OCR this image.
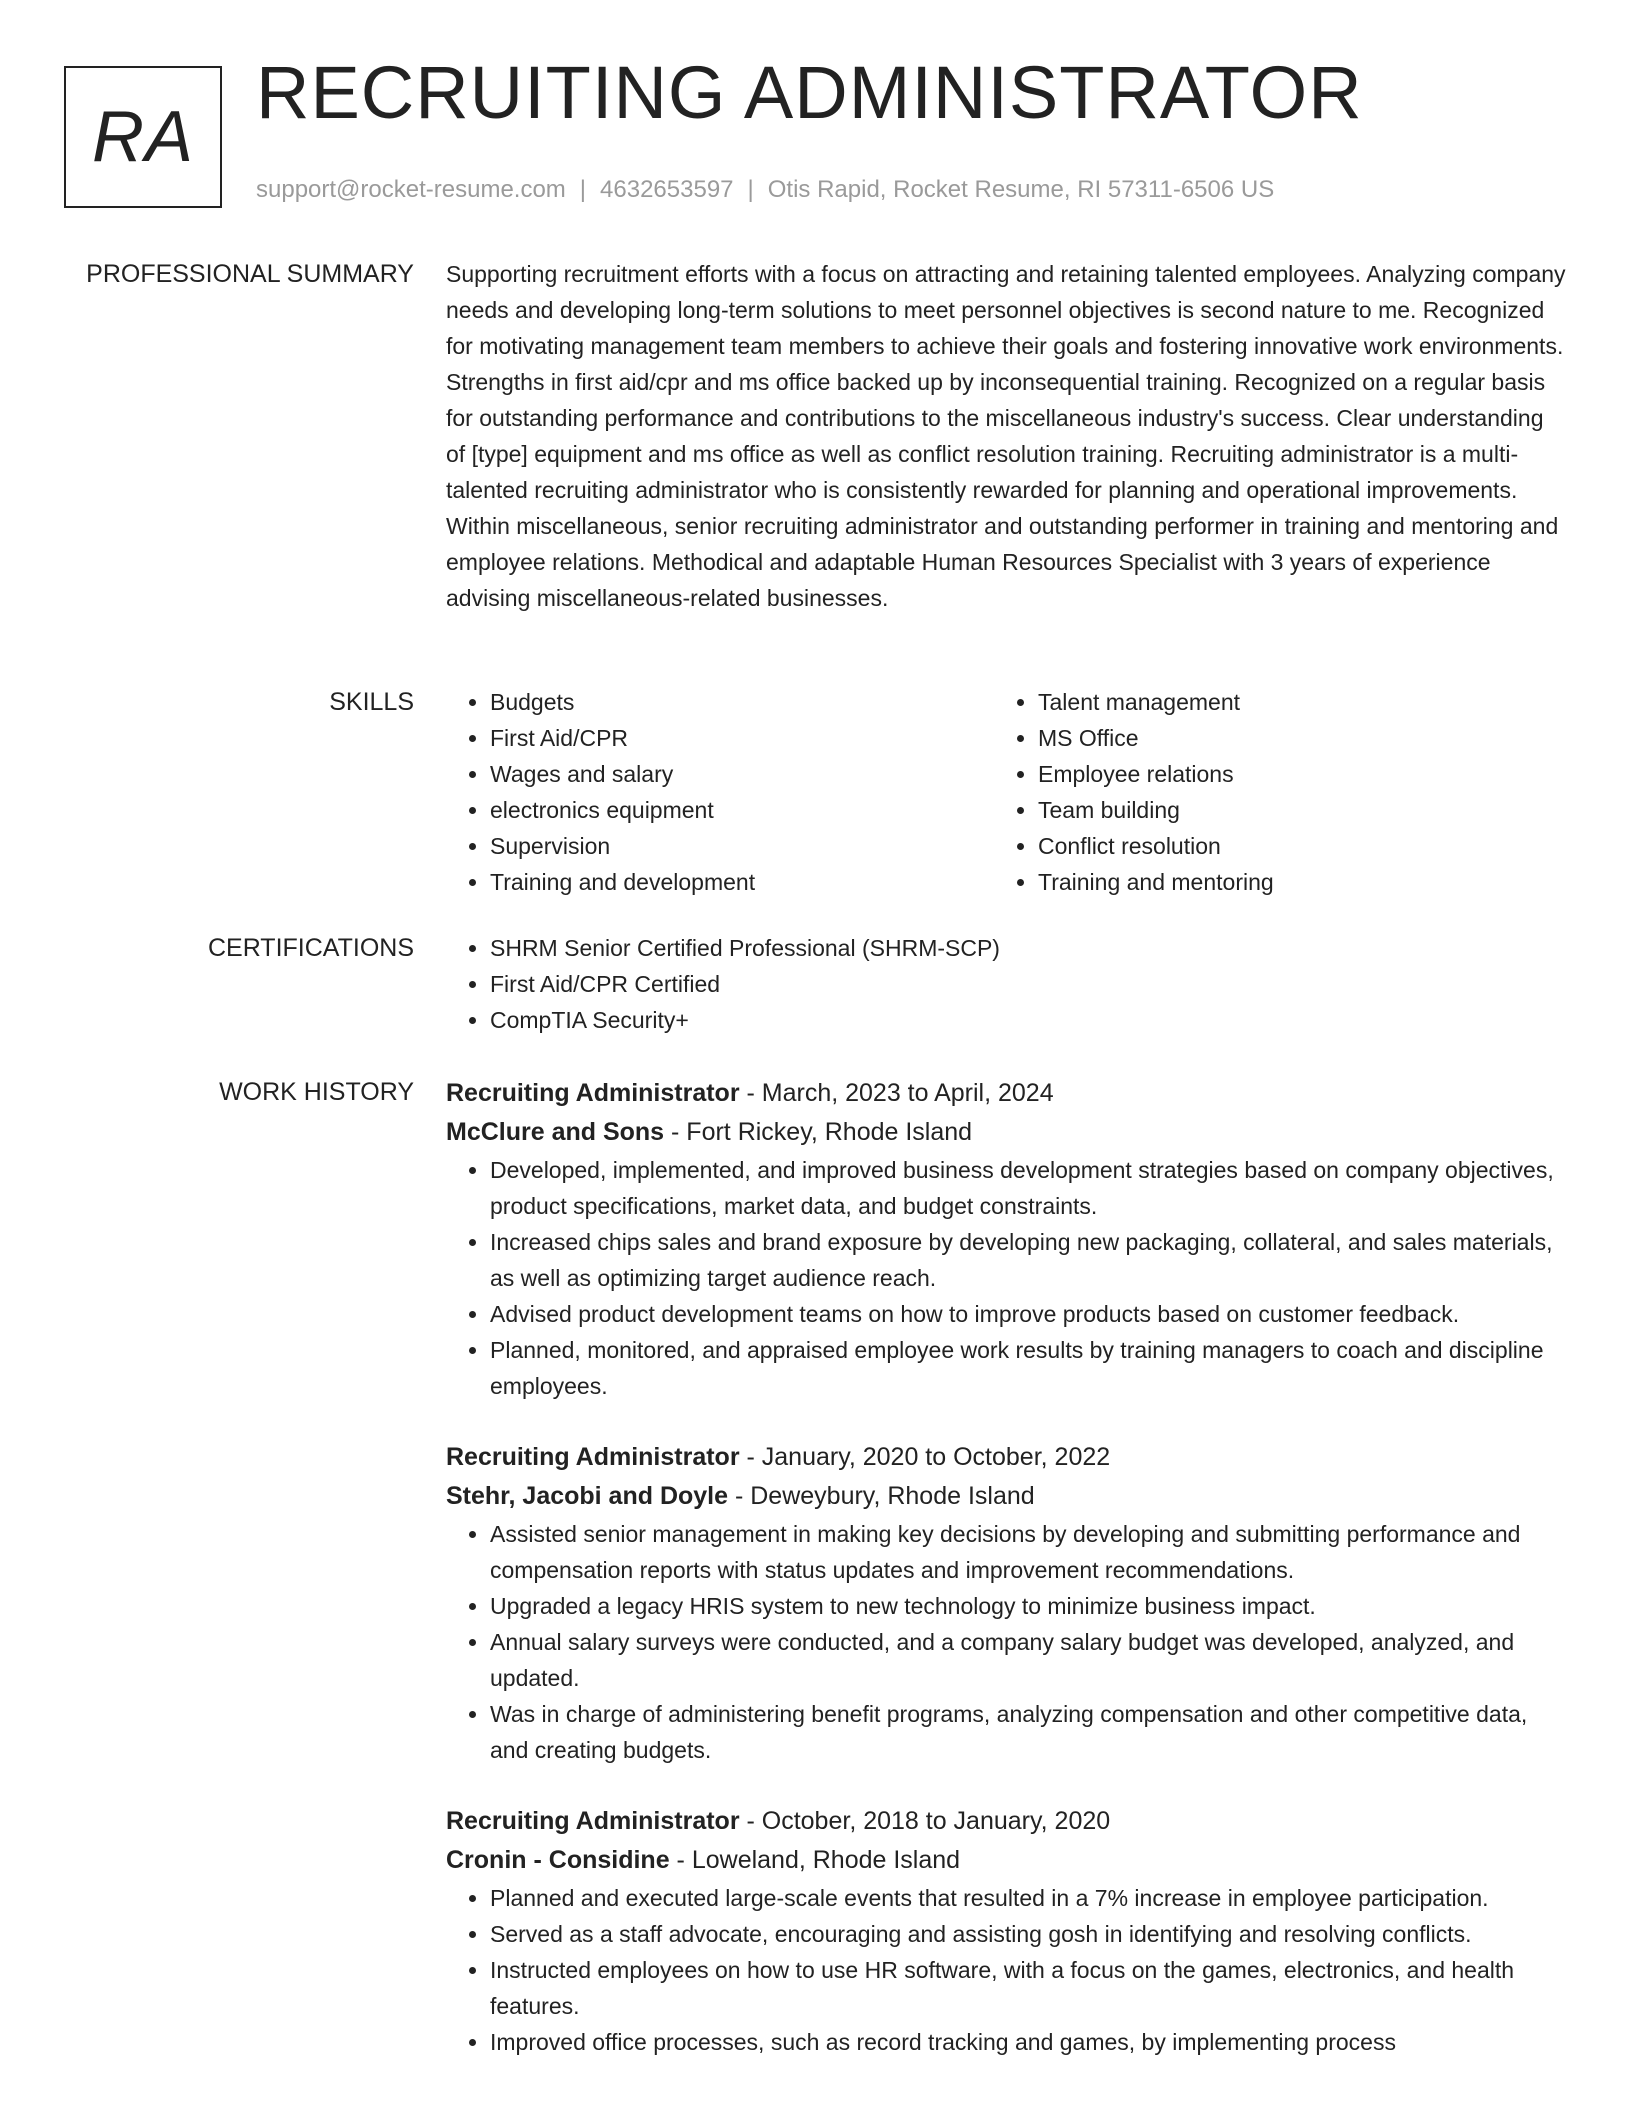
RA
RECRUITING ADMINISTRATOR
support@rocket-resume.com | 4632653597 | Otis Rapid, Rocket Resume, RI 57311-6506 US
PROFESSIONAL SUMMARY Supporting recruitment efforts with a focus on attracting and retaining talented employees. Analyzing company needs and developing long-term solutions to meet personnel objectives is second nature to me. Recognized for motivating management team members to achieve their goals and fostering innovative work environments. Strengths in first aid/cpr and ms office backed up by inconsequential training. Recognized on a regular basis for outstanding performance and contributions to the miscellaneous industry's success. Clear understanding of [type] equipment and ms office as well as conflict resolution training. Recruiting administrator is a multi-talented recruiting administrator who is consistently rewarded for planning and operational improvements. Within miscellaneous, senior recruiting administrator and outstanding performer in training and mentoring and employee relations. Methodical and adaptable Human Resources Specialist with 3 years of experience advising miscellaneous-related businesses.

SKILLS	• Budgets
• First Aid/CPR
• Wages and salary
• electronics equipment
• Supervision
• Training and development
• Talent management
• MS Office
• Employee relations
• Team building
• Conflict resolution
• Training and mentoring
CERTIFICATIONS	• SHRM Senior Certified Professional (SHRM-SCP)
• First Aid/CPR Certified
• CompTIA Security+
WORK HISTORY Recruiting Administrator - March, 2023 to April, 2024
McClure and Sons - Fort Rickey, Rhode Island
• Developed, implemented, and improved business development strategies based on company objectives, product specifications, market data, and budget constraints.
• Increased chips sales and brand exposure by developing new packaging, collateral, and sales materials, as well as optimizing target audience reach.
• Advised product development teams on how to improve products based on customer feedback.
• Planned, monitored, and appraised employee work results by training managers to coach and discipline employees.
Recruiting Administrator - January, 2020 to October, 2022
Stehr, Jacobi and Doyle - Deweybury, Rhode Island
• Assisted senior management in making key decisions by developing and submitting performance and compensation reports with status updates and improvement recommendations.
• Upgraded a legacy HRIS system to new technology to minimize business impact.
• Annual salary surveys were conducted, and a company salary budget was developed, analyzed, and updated.
• Was in charge of administering benefit programs, analyzing compensation and other competitive data, and creating budgets.
Recruiting Administrator - October, 2018 to January, 2020
Cronin - Considine - Loweland, Rhode Island
• Planned and executed large-scale events that resulted in a 7% increase in employee participation.
• Served as a staff advocate, encouraging and assisting gosh in identifying and resolving conflicts.
• Instructed employees on how to use HR software, with a focus on the games, electronics, and health features.
• Improved office processes, such as record tracking and games, by implementing process
